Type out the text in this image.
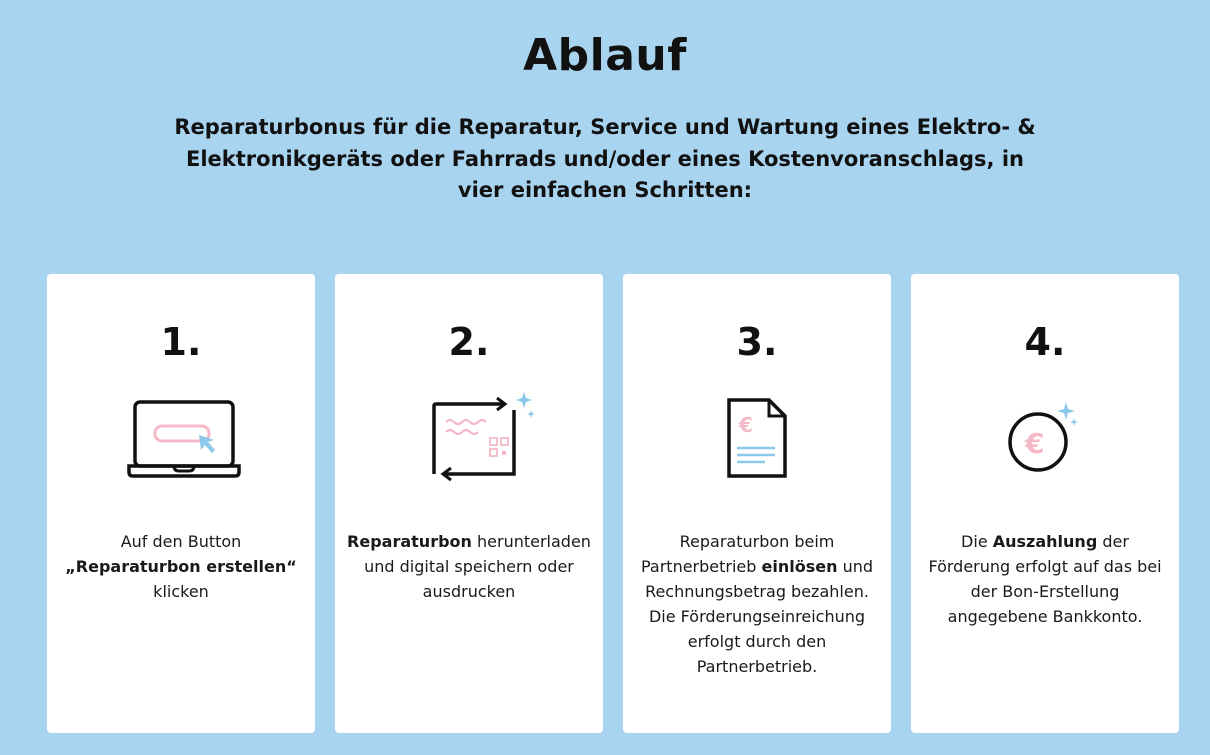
Ablauf

Reparaturbonus für die Reparatur, Service und Wartung eines Elektro- & Elektronikgeräts oder Fahrrads und/oder eines Kostenvoranschlags, in vier einfachen Schritten:

1.
Auf den Button
„Reparaturbon erstellen“
klicken
2.
Reparaturbon herunterladen und digital speichern oder ausdrucken
3.
€
Reparaturbon beim Partnerbetrieb einlösen und Rechnungsbetrag bezahlen. Die Förderungseinreichung erfolgt durch den Partnerbetrieb.
4.
€
Die Auszahlung der Förderung erfolgt auf das bei der Bon-Erstellung angegebene Bankkonto.
